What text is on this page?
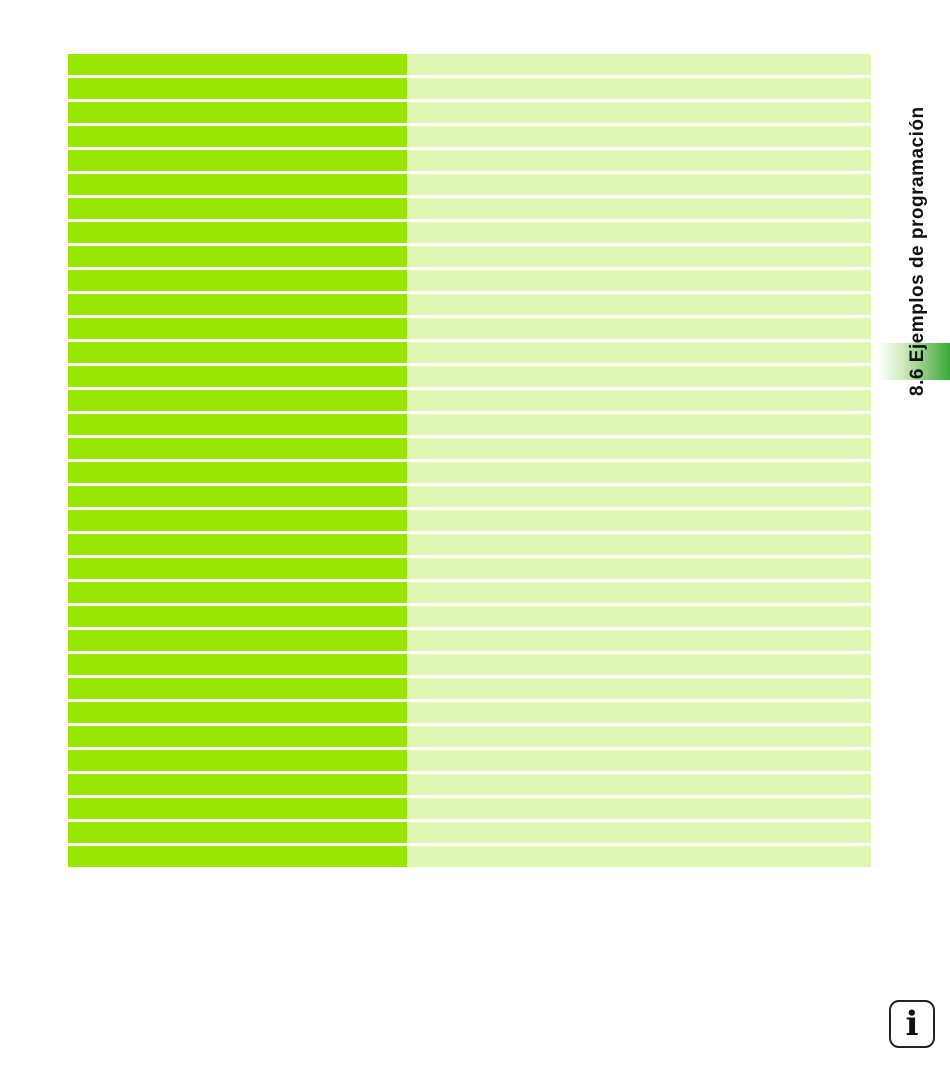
8.6 Ejemplos de programación
i
